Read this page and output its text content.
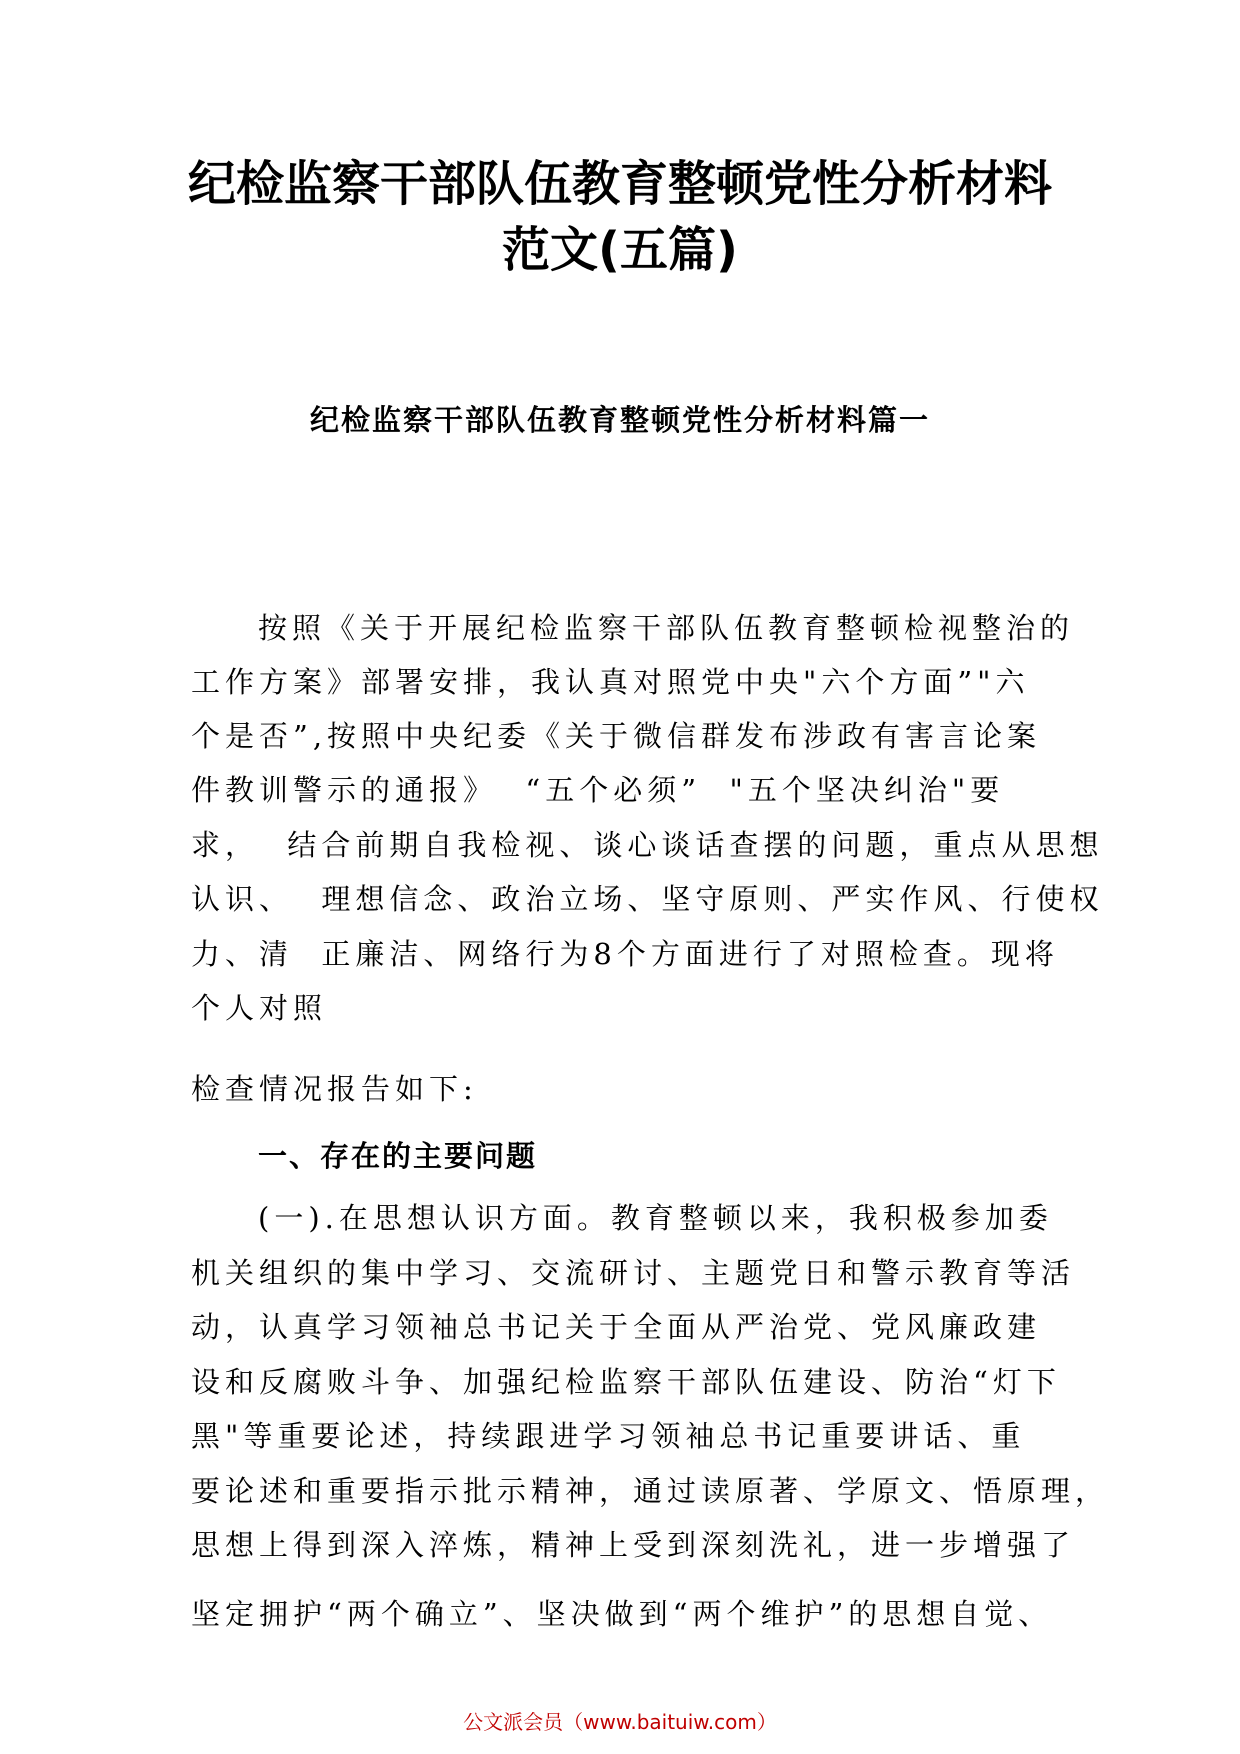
纪检监察干部队伍教育整顿党性分析材料
范文(五篇)
纪检监察干部队伍教育整顿党性分析材料篇一
按照《关于开展纪检监察干部队伍教育整顿检视整治的
工作方案》部署安排，我认真对照党中央"六个方面”"六
个是否”,按照中央纪委《关于微信群发布涉政有害言论案
件教训警示的通报》  “五个必须”  "五个坚决纠治"要
求，  结合前期自我检视、谈心谈话查摆的问题，重点从思想
认识、  理想信念、政治立场、坚守原则、严实作风、行使权
力、清  正廉洁、网络行为8个方面进行了对照检查。现将
个人对照
检查情况报告如下:
一、存在的主要问题
(一).在思想认识方面。教育整顿以来，我积极参加委
机关组织的集中学习、交流研讨、主题党日和警示教育等活
动，认真学习领袖总书记关于全面从严治党、党风廉政建
设和反腐败斗争、加强纪检监察干部队伍建设、防治“灯下
黑"等重要论述，持续跟进学习领袖总书记重要讲话、重
要论述和重要指示批示精神，通过读原著、学原文、悟原理，
思想上得到深入淬炼，精神上受到深刻洗礼，进一步增强了
坚定拥护“两个确立”、坚决做到“两个维护”的思想自觉、
公文派会员（www.baituiw.com）
